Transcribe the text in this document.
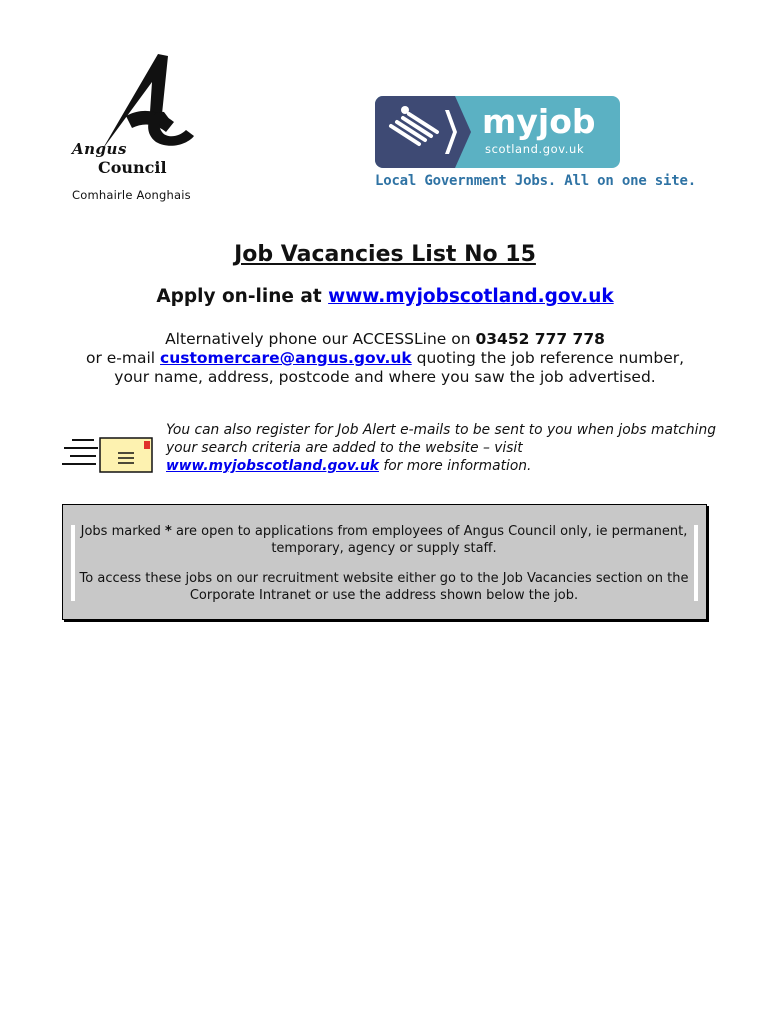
Angus
Council
Comhairle Aonghais
myjob
scotland.gov.uk
Local Government Jobs. All on one site.
Job Vacancies List No 15
Apply on-line at www.myjobscotland.gov.uk
Alternatively phone our ACCESSLine on 03452 777 778
or e-mail customercare@angus.gov.uk quoting the job reference number, your name, address, postcode and where you saw the job advertised.
You can also register for Job Alert e-mails to be sent to you when jobs matching your search criteria are added to the website – visit www.myjobscotland.gov.uk for more information.
Jobs marked * are open to applications from employees of Angus Council only, ie permanent, temporary, agency or supply staff.
To access these jobs on our recruitment website either go to the Job Vacancies section on the Corporate Intranet or use the address shown below the job.
